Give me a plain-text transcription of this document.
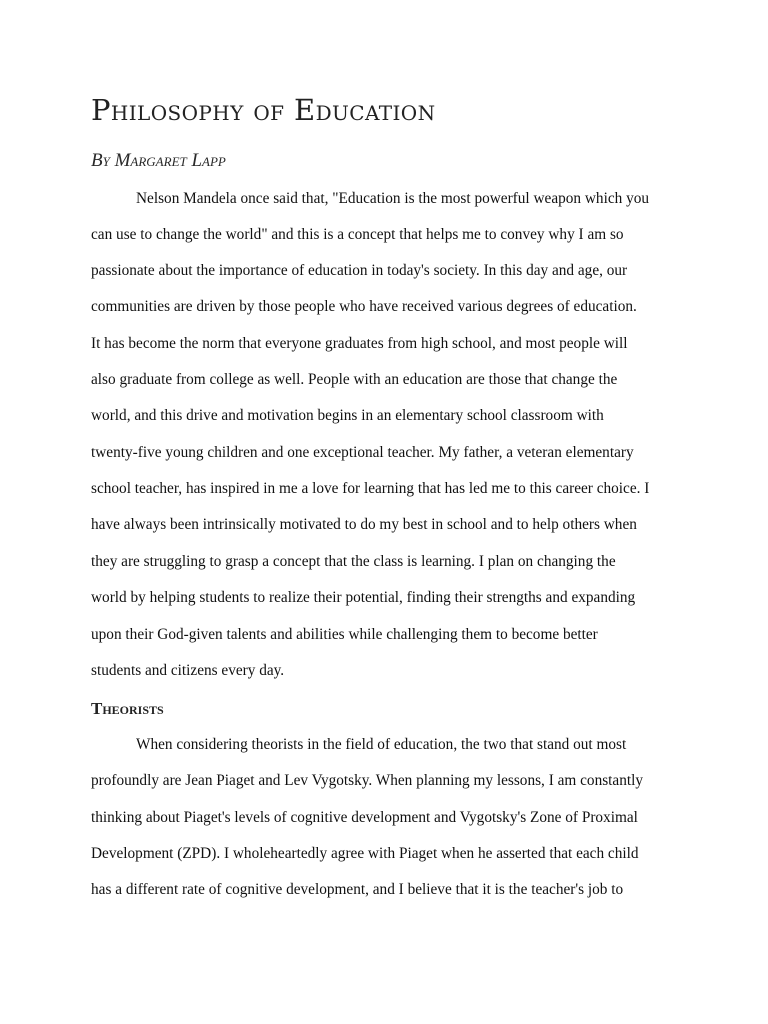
Philosophy of Education

By Margaret Lapp

Nelson Mandela once said that, "Education is the most powerful weapon which you

can use to change the world" and this is a concept that helps me to convey why I am so

passionate about the importance of education in today's society. In this day and age, our

communities are driven by those people who have received various degrees of education.

It has become the norm that everyone graduates from high school, and most people will

also graduate from college as well. People with an education are those that change the

world, and this drive and motivation begins in an elementary school classroom with

twenty-five young children and one exceptional teacher. My father, a veteran elementary

school teacher, has inspired in me a love for learning that has led me to this career choice. I

have always been intrinsically motivated to do my best in school and to help others when

they are struggling to grasp a concept that the class is learning. I plan on changing the

world by helping students to realize their potential, finding their strengths and expanding

upon their God-given talents and abilities while challenging them to become better

students and citizens every day.

Theorists

When considering theorists in the field of education, the two that stand out most

profoundly are Jean Piaget and Lev Vygotsky. When planning my lessons, I am constantly

thinking about Piaget's levels of cognitive development and Vygotsky's Zone of Proximal

Development (ZPD). I wholeheartedly agree with Piaget when he asserted that each child

has a different rate of cognitive development, and I believe that it is the teacher's job to
